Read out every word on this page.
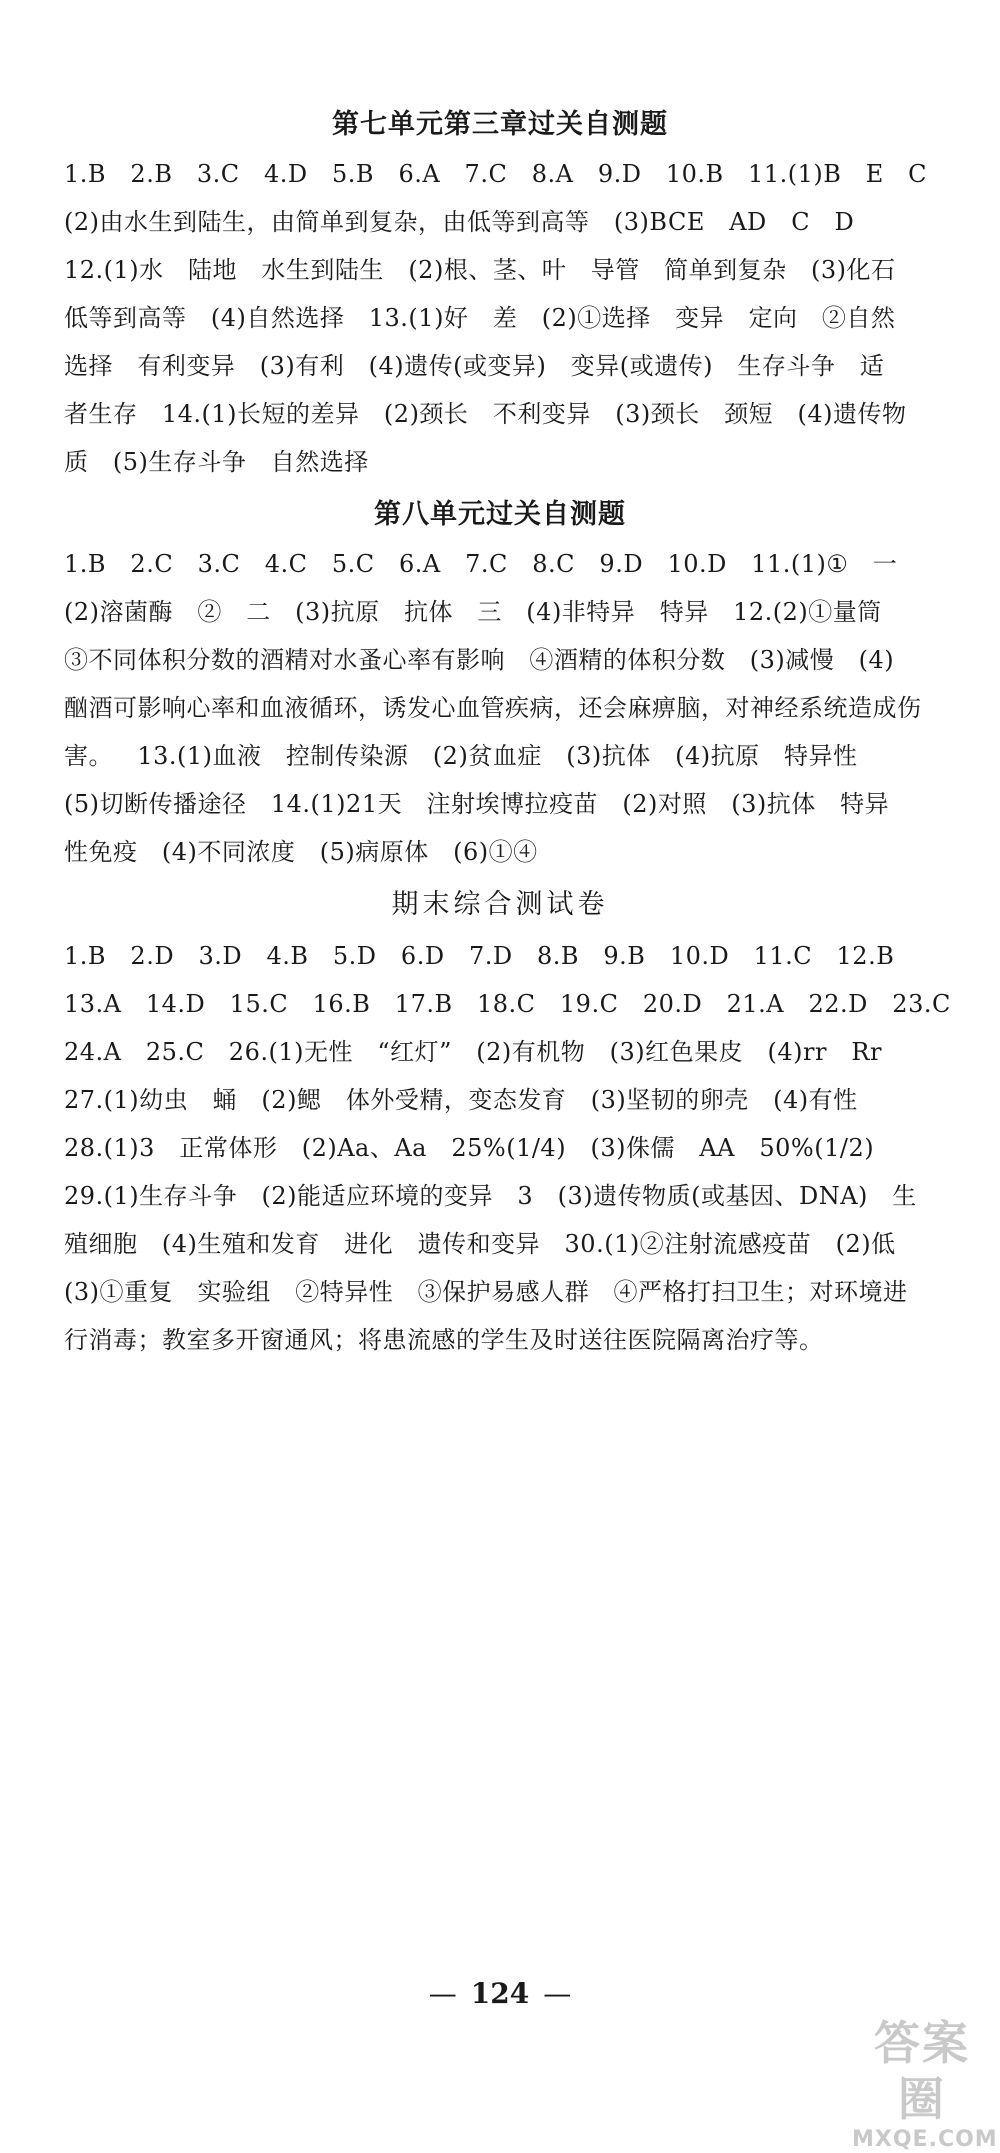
第七单元第三章过关自测题
1.B   2.B   3.C   4.D   5.B   6.A   7.C   8.A   9.D   10.B   11.(1)B   E   C
(2)由水生到陆生，由简单到复杂，由低等到高等   (3)BCE   AD   C   D
12.(1)水   陆地   水生到陆生   (2)根、茎、叶   导管   简单到复杂   (3)化石
低等到高等   (4)自然选择   13.(1)好   差   (2)①选择   变异   定向   ②自然
选择   有利变异   (3)有利   (4)遗传(或变异)   变异(或遗传)   生存斗争   适
者生存   14.(1)长短的差异   (2)颈长   不利变异   (3)颈长   颈短   (4)遗传物
质   (5)生存斗争   自然选择
第八单元过关自测题
1.B   2.C   3.C   4.C   5.C   6.A   7.C   8.C   9.D   10.D   11.(1)①   一
(2)溶菌酶   ②   二   (3)抗原   抗体   三   (4)非特异   特异   12.(2)①量筒
③不同体积分数的酒精对水蚤心率有影响   ④酒精的体积分数   (3)减慢   (4)
酗酒可影响心率和血液循环，诱发心血管疾病，还会麻痹脑，对神经系统造成伤
害。   13.(1)血液   控制传染源   (2)贫血症   (3)抗体   (4)抗原   特异性
(5)切断传播途径   14.(1)21天   注射埃博拉疫苗   (2)对照   (3)抗体   特异
性免疫   (4)不同浓度   (5)病原体   (6)①④
期末综合测试卷
1.B   2.D   3.D   4.B   5.D   6.D   7.D   8.B   9.B   10.D   11.C   12.B
13.A   14.D   15.C   16.B   17.B   18.C   19.C   20.D   21.A   22.D   23.C
24.A   25.C   26.(1)无性   “红灯”   (2)有机物   (3)红色果皮   (4)rr   Rr
27.(1)幼虫   蛹   (2)鳃   体外受精，变态发育   (3)坚韧的卵壳   (4)有性
28.(1)3   正常体形   (2)Aa、Aa   25%(1/4)   (3)侏儒   AA   50%(1/2)
29.(1)生存斗争   (2)能适应环境的变异   3   (3)遗传物质(或基因、DNA)   生
殖细胞   (4)生殖和发育   进化   遗传和变异   30.(1)②注射流感疫苗   (2)低
(3)①重复   实验组   ②特异性   ③保护易感人群   ④严格打扫卫生；对环境进
行消毒；教室多开窗通风；将患流感的学生及时送往医院隔离治疗等。
— 124 —
答案圈
MXQE.COM
